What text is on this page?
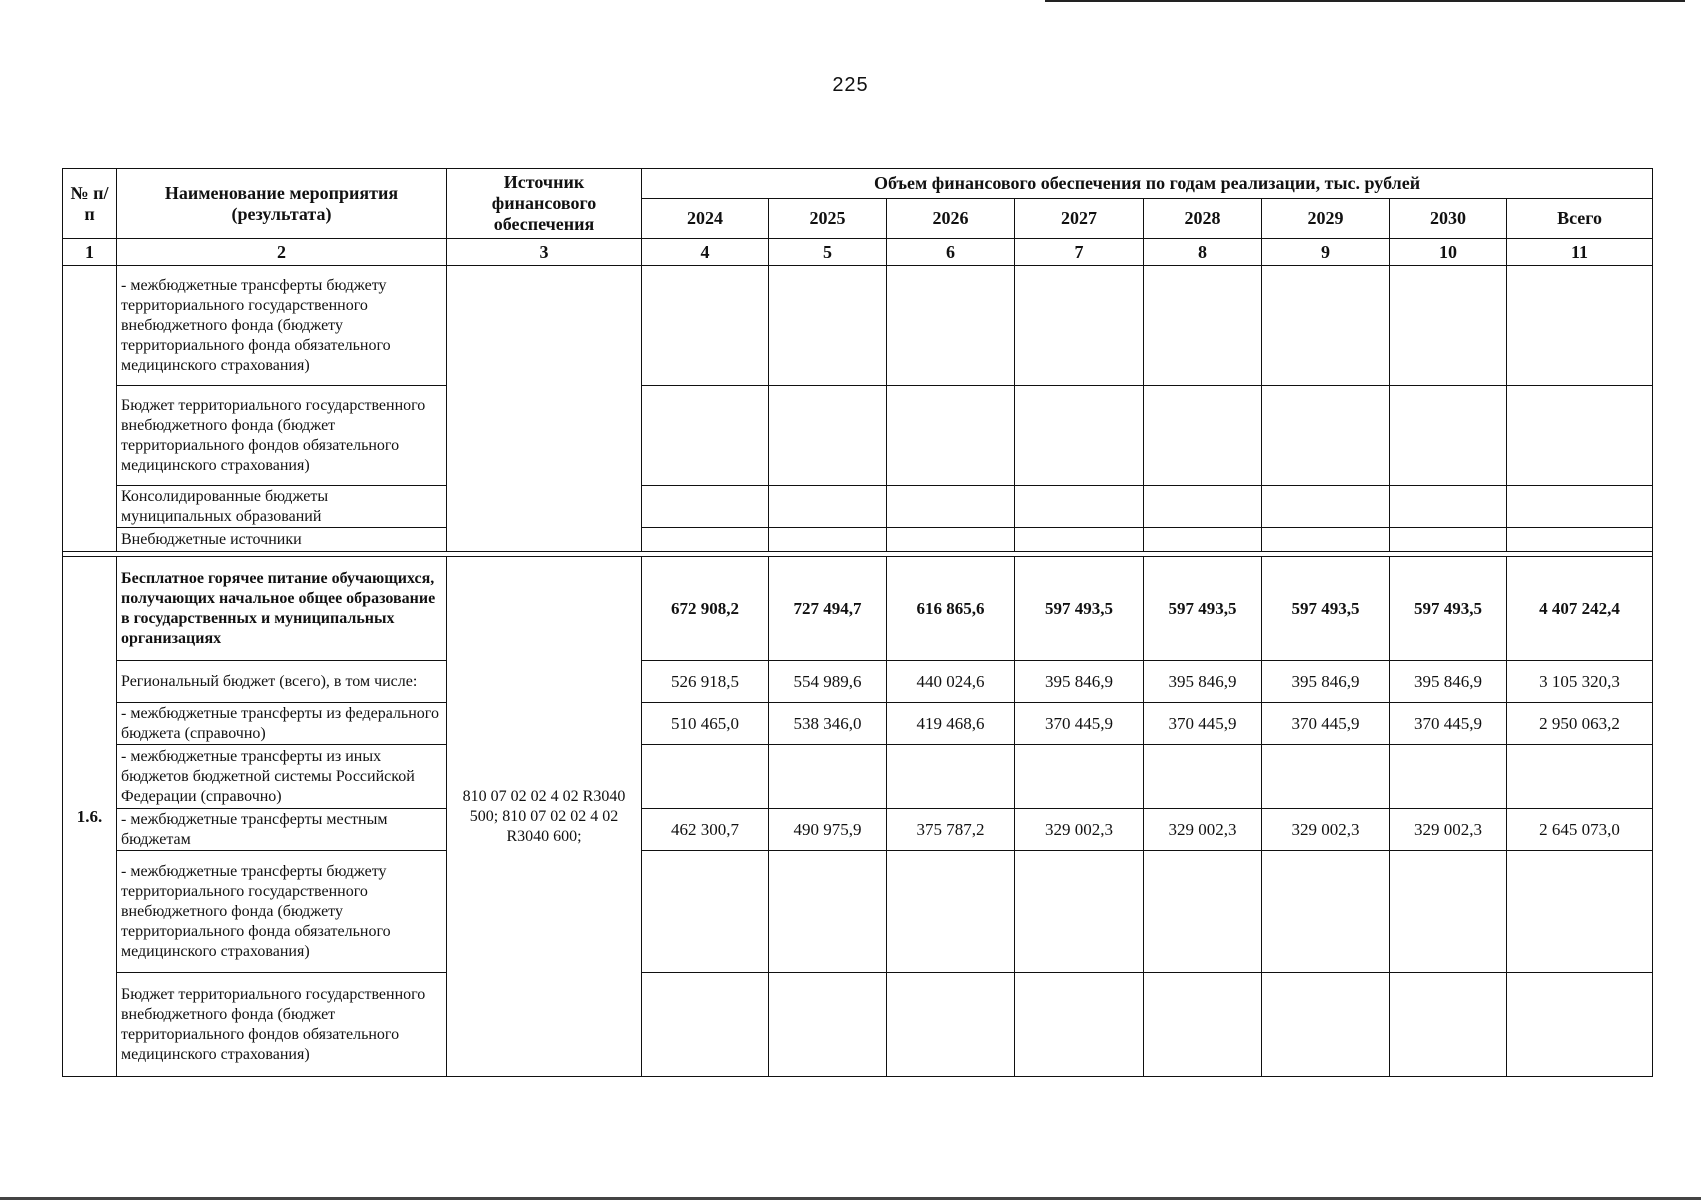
225
№ п/п	Наименование мероприятия (результата)	Источник финансового обеспечения	Объем финансового обеспечения по годам реализации, тыс. рублей							
			2024	2025	2026	2027	2028	2029	2030	Всего
1	2	3	4	5	6	7	8	9	10	11
	- межбюджетные трансферты бюджету территориального государственного внебюджетного фонда (бюджету территориального фонда обязательного медицинского страхования)									
	Бюджет территориального государственного внебюджетного фонда (бюджет территориального фондов обязательного медицинского страхования)									
	Консолидированные бюджеты муниципальных образований									
	Внебюджетные источники									

1.6.	Бесплатное горячее питание обучающихся, получающих начальное общее образование в государственных и муниципальных организациях	810 07 02 02 4 02 R3040 500; 810 07 02 02 4 02 R3040 600;	672 908,2	727 494,7	616 865,6	597 493,5	597 493,5	597 493,5	597 493,5	4 407 242,4
	Региональный бюджет (всего), в том числе:		526 918,5	554 989,6	440 024,6	395 846,9	395 846,9	395 846,9	395 846,9	3 105 320,3
	- межбюджетные трансферты из федерального бюджета (справочно)		510 465,0	538 346,0	419 468,6	370 445,9	370 445,9	370 445,9	370 445,9	2 950 063,2
	- межбюджетные трансферты из иных бюджетов бюджетной системы Российской Федерации (справочно)									
	- межбюджетные трансферты местным бюджетам		462 300,7	490 975,9	375 787,2	329 002,3	329 002,3	329 002,3	329 002,3	2 645 073,0
	- межбюджетные трансферты бюджету территориального государственного внебюджетного фонда (бюджету территориального фонда обязательного медицинского страхования)									
	Бюджет территориального государственного внебюджетного фонда (бюджет территориального фондов обязательного медицинского страхования)									
